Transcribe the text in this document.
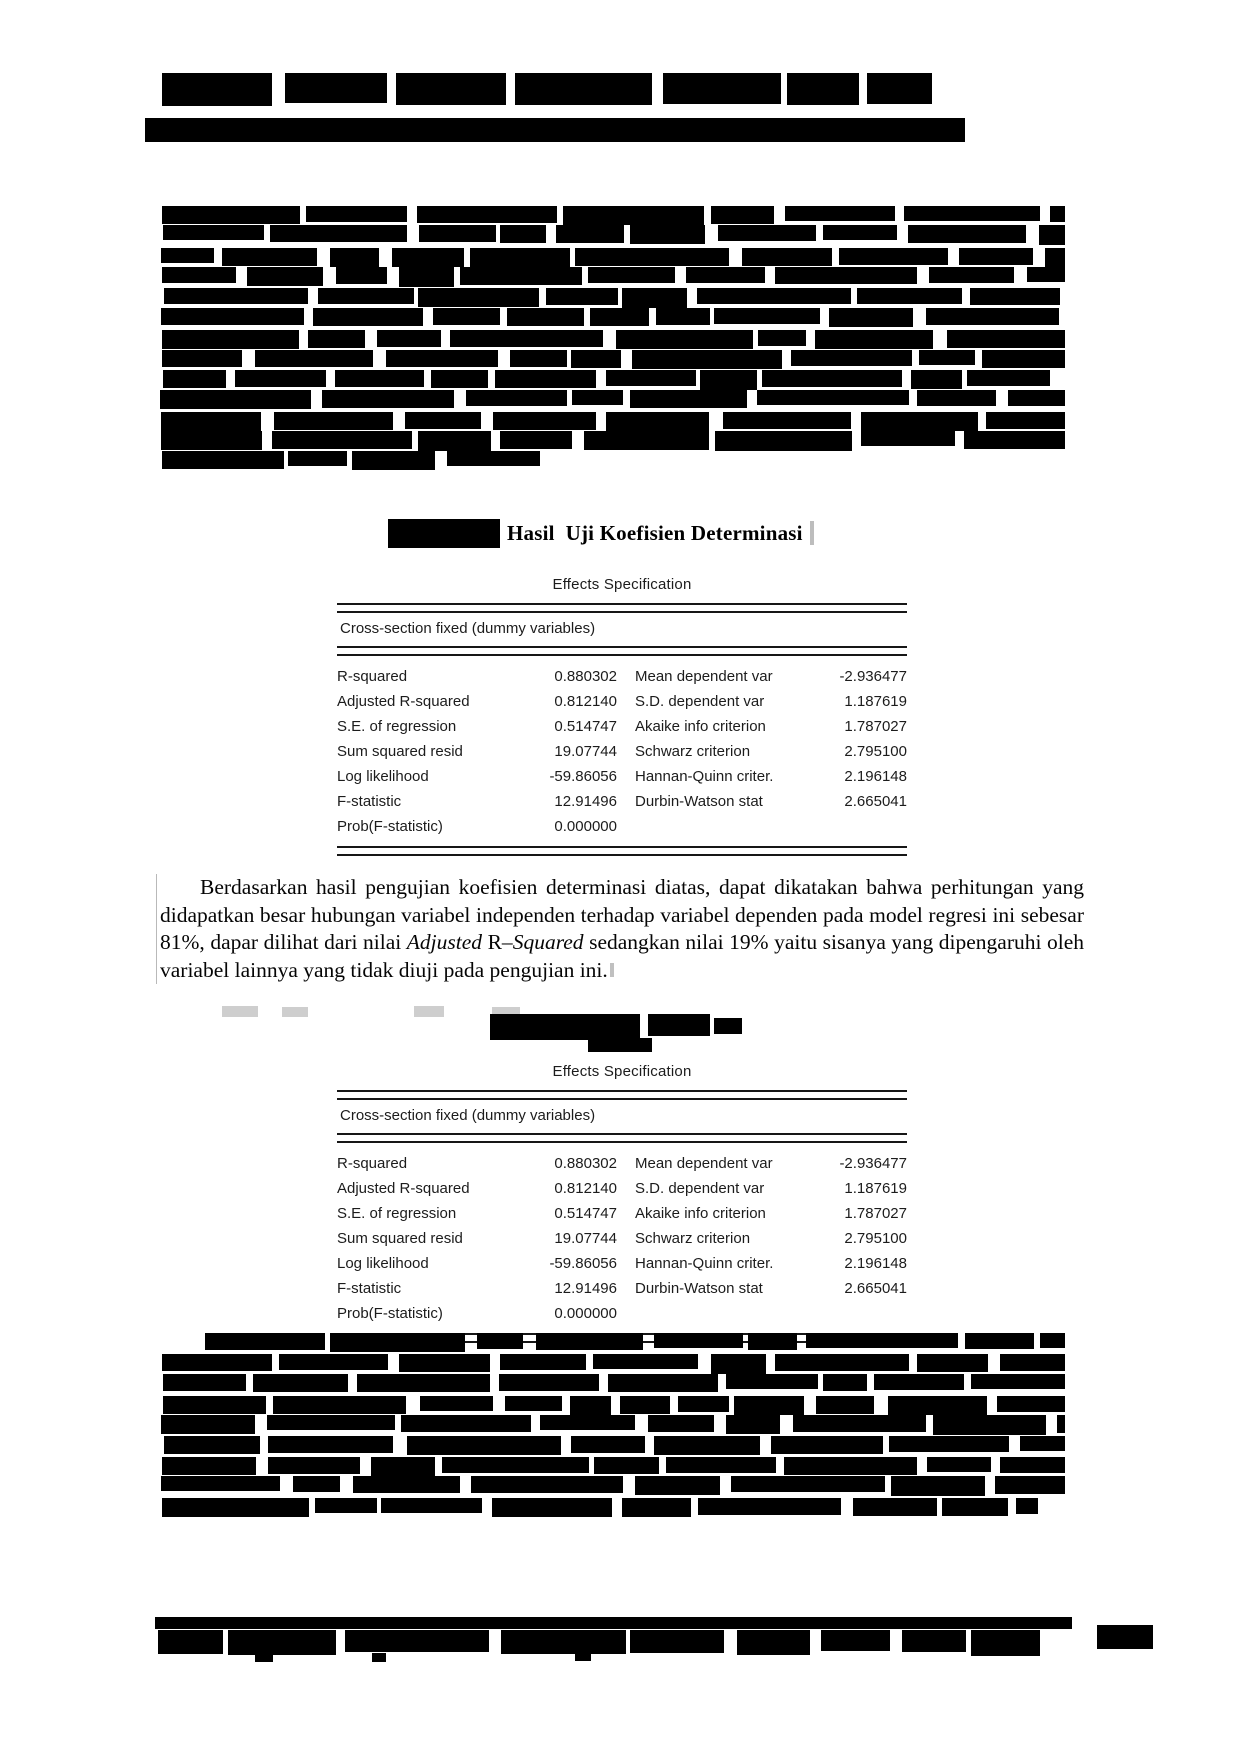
Hasil  Uji Koefisien Determinasi
Effects Specification
Cross-section fixed (dummy variables)
R-squared	0.880302 Mean dependent var	-2.936477
Adjusted R-squared	0.812140 S.D. dependent var	1.187619
S.E. of regression	0.514747 Akaike info criterion	1.787027
Sum squared resid	19.07744 Schwarz criterion	2.795100
Log likelihood	-59.86056 Hannan-Quinn criter.	2.196148
F-statistic	12.91496 Durbin-Watson stat	2.665041
Prob(F-statistic)	0.000000

Berdasarkan hasil pengujian koefisien determinasi diatas, dapat dikatakan bahwa perhitungan yang didapatkan besar hubungan variabel independen terhadap variabel dependen pada model regresi ini sebesar 81%, dapar dilihat dari nilai Adjusted R–Squared sedangkan nilai 19% yaitu sisanya yang dipengaruhi oleh variabel lainnya yang tidak diuji pada pengujian ini.

Effects Specification
Cross-section fixed (dummy variables)
R-squared	0.880302 Mean dependent var	-2.936477
Adjusted R-squared	0.812140 S.D. dependent var	1.187619
S.E. of regression	0.514747 Akaike info criterion	1.787027
Sum squared resid	19.07744 Schwarz criterion	2.795100
Log likelihood	-59.86056 Hannan-Quinn criter.	2.196148
F-statistic	12.91496 Durbin-Watson stat	2.665041
Prob(F-statistic)	0.000000
